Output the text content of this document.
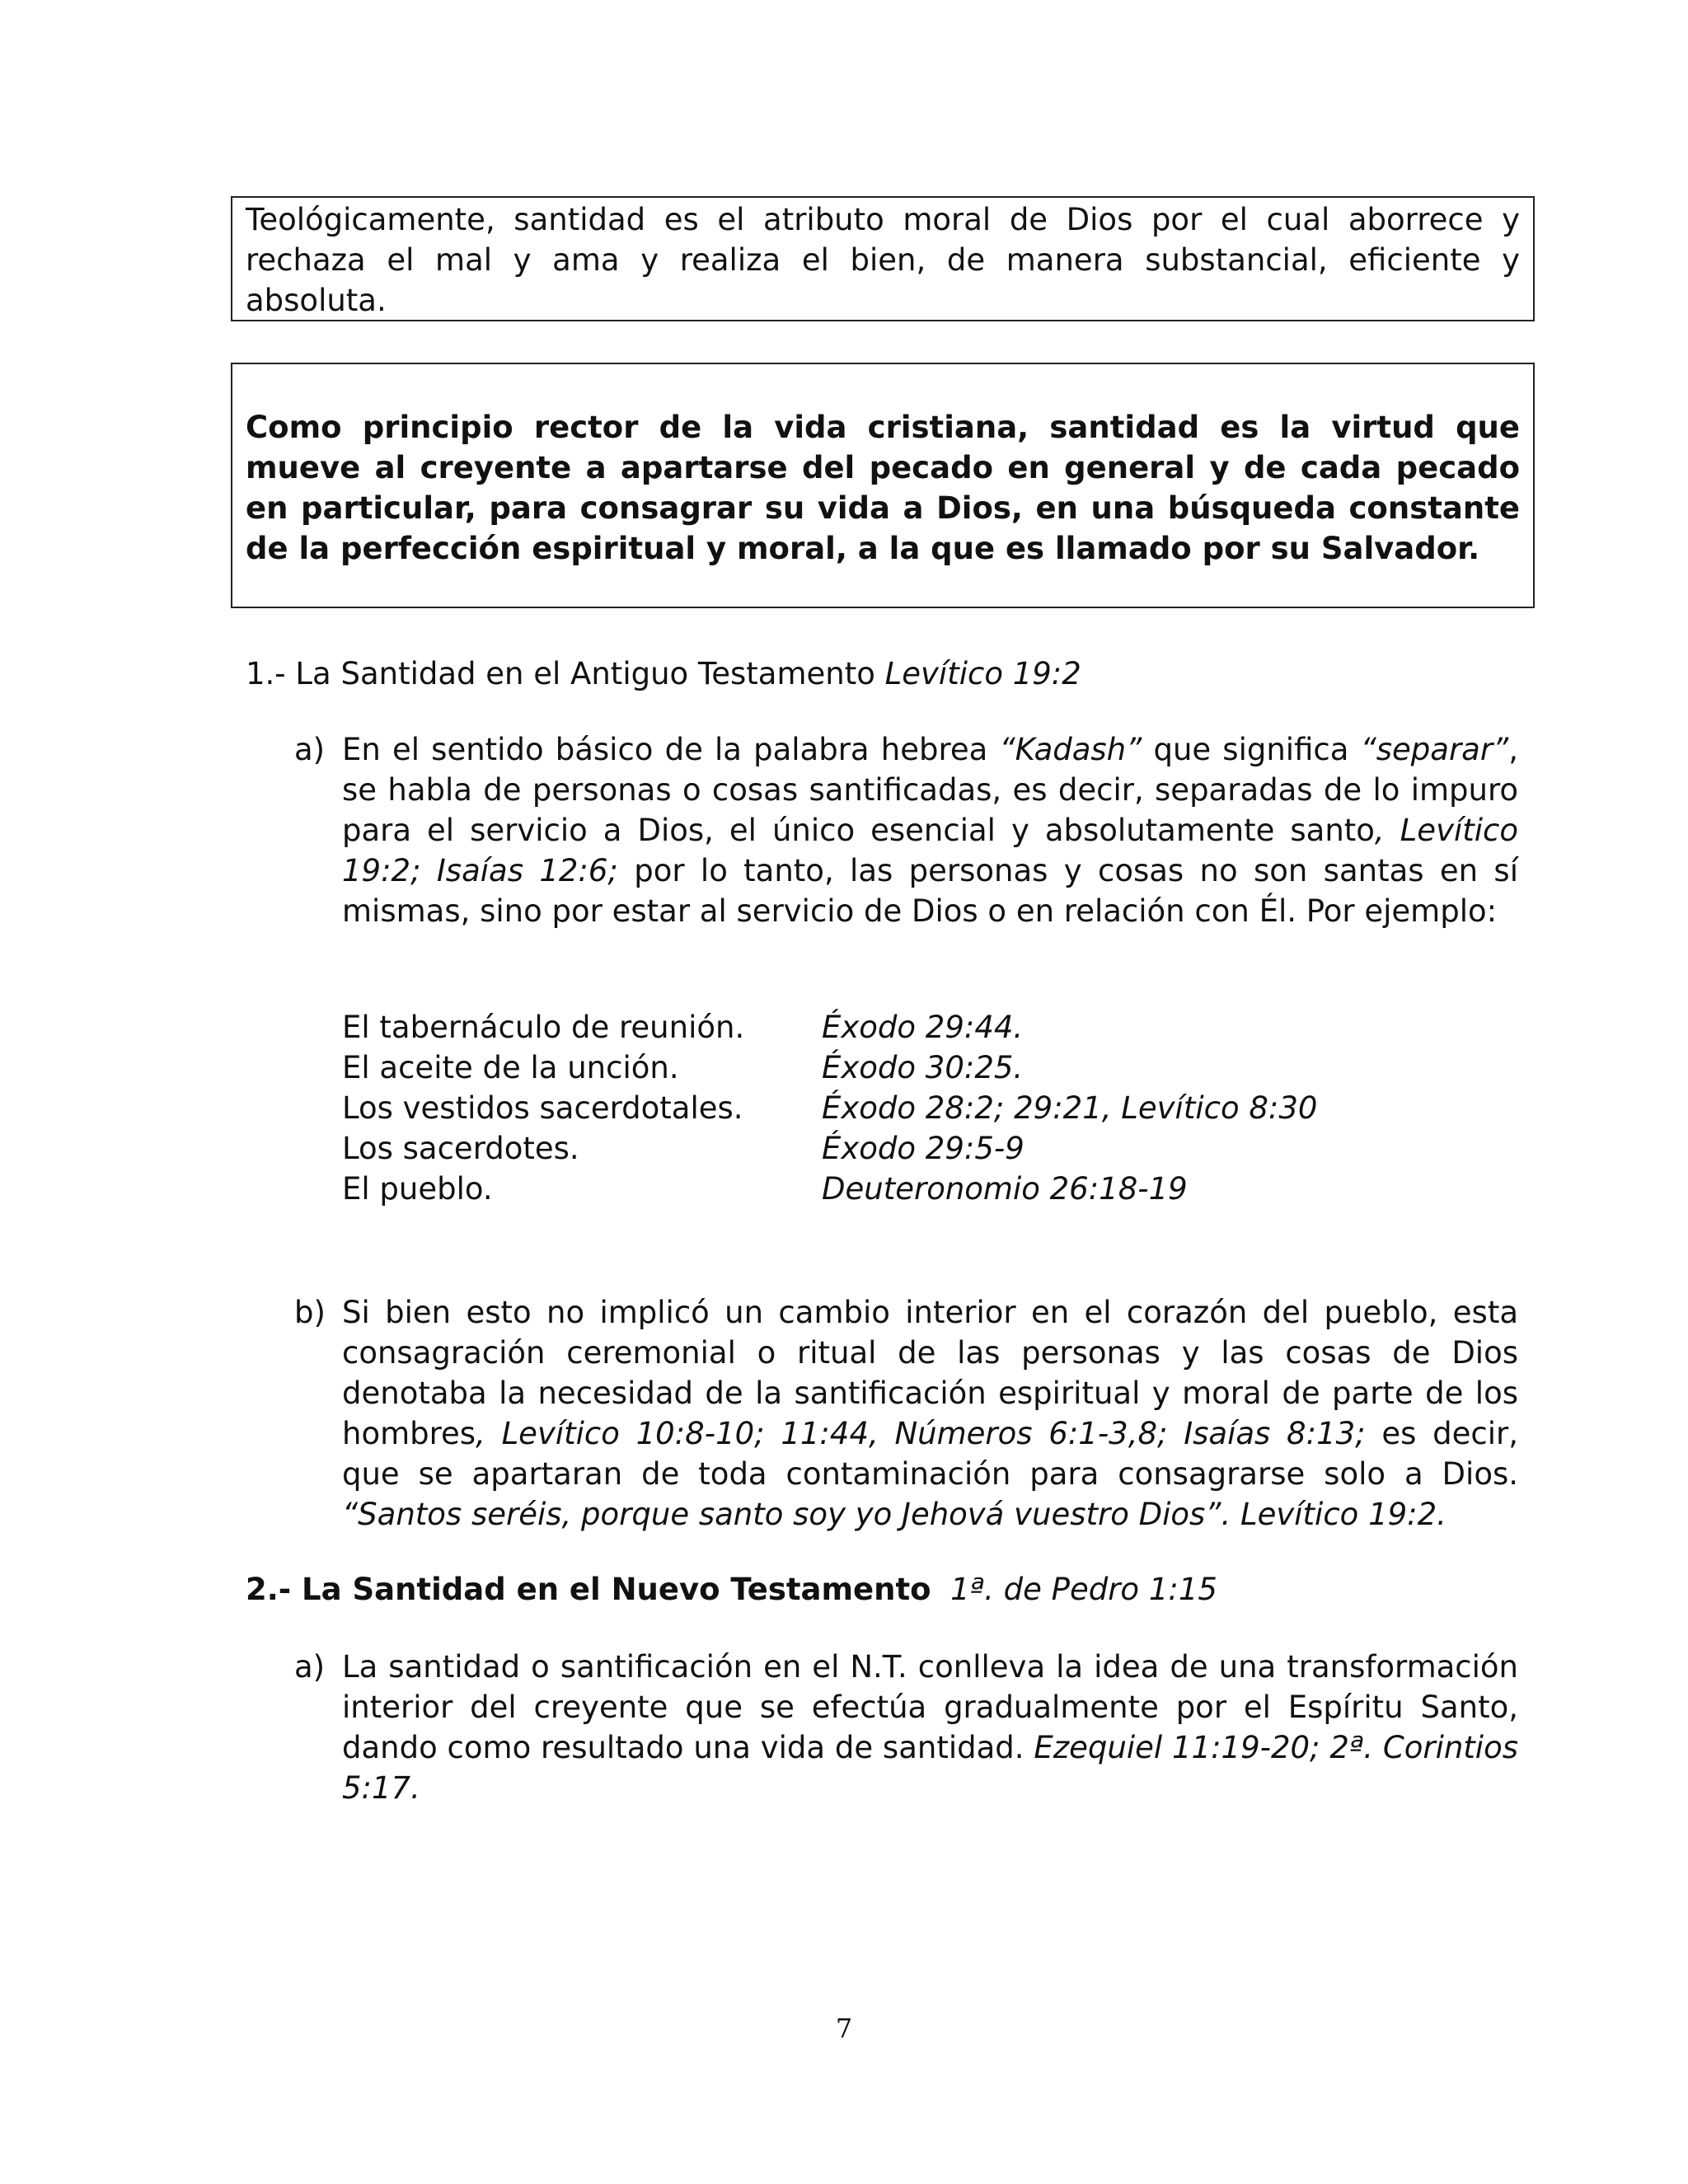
Teológicamente, santidad es el atributo moral de Dios por el cual aborrece y rechaza el mal y ama y realiza el bien, de manera substancial, eficiente y absoluta.

Como principio rector de la vida cristiana, santidad es la virtud que mueve al creyente a apartarse del pecado en general y de cada pecado en particular, para consagrar su vida a Dios, en una búsqueda constante de la perfección espiritual y moral, a la que es llamado por su Salvador.

1.- La Santidad en el Antiguo Testamento Levítico 19:2
a) En el sentido básico de la palabra hebrea “Kadash” que significa “separar”, se habla de personas o cosas santificadas, es decir, separadas de lo impuro para el servicio a Dios, el único esencial y absolutamente santo, Levítico 19:2; Isaías 12:6; por lo tanto, las personas y cosas no son santas en sí mismas, sino por estar al servicio de Dios o en relación con Él. Por ejemplo:
El tabernáculo de reunión.	Éxodo 29:44.
El aceite de la unción.	Éxodo 30:25.
Los vestidos sacerdotales.	Éxodo 28:2; 29:21, Levítico 8:30
Los sacerdotes.	Éxodo 29:5-9
El pueblo.	Deuteronomio 26:18-19
b) Si bien esto no implicó un cambio interior en el corazón del pueblo, esta consagración ceremonial o ritual de las personas y las cosas de Dios denotaba la necesidad de la santificación espiritual y moral de parte de los hombres, Levítico 10:8-10; 11:44, Números 6:1-3,8; Isaías 8:13; es decir, que se apartaran de toda contaminación para consagrarse solo a Dios. “Santos seréis, porque santo soy yo Jehová vuestro Dios”. Levítico 19:2.
2.- La Santidad en el Nuevo Testamento 1ª. de Pedro 1:15
a) La santidad o santificación en el N.T. conlleva la idea de una transformación interior del creyente que se efectúa gradualmente por el Espíritu Santo, dando como resultado una vida de santidad. Ezequiel 11:19-20; 2ª. Corintios 5:17.
7
